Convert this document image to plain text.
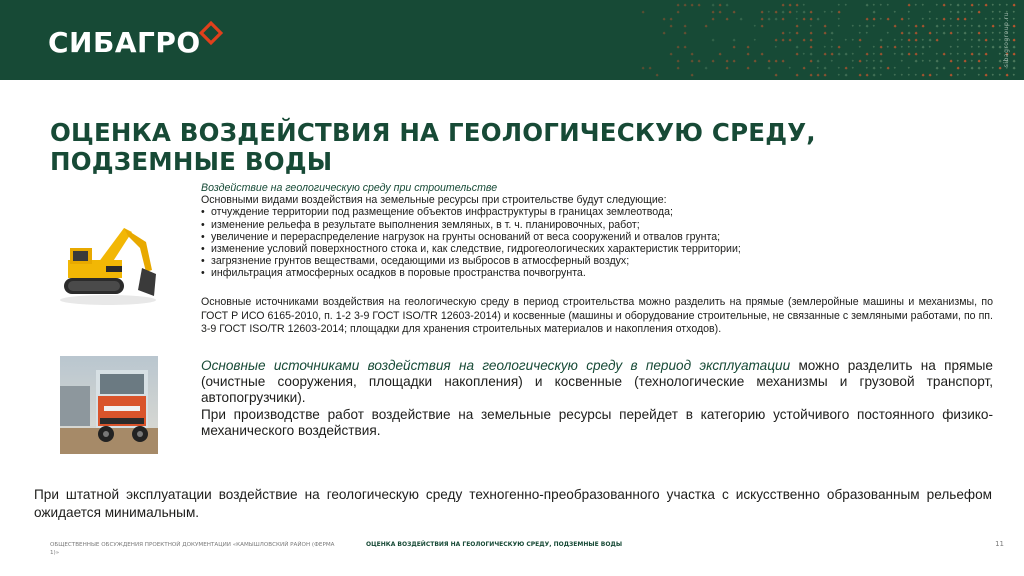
СИБАГРО	sibagrogroup.ru
ОЦЕНКА ВОЗДЕЙСТВИЯ НА ГЕОЛОГИЧЕСКУЮ СРЕДУ, ПОДЗЕМНЫЕ ВОДЫ
Воздействие на геологическую среду при строительстве
Основными видами воздействия на земельные ресурсы при строительстве будут следующие:
• отчуждение территории под размещение объектов инфраструктуры в границах землеотвода;
• изменение рельефа в результате выполнения земляных, в т. ч. планировочных, работ;
• увеличение и перераспределение нагрузок на грунты оснований от веса сооружений и отвалов грунта;
• изменение условий поверхностного стока и, как следствие, гидрогеологических характеристик территории;
• загрязнение грунтов веществами, оседающими из выбросов в атмосферный воздух;
• инфильтрация атмосферных осадков в поровые пространства почвогрунта.
Основные источниками воздействия на геологическую среду в период строительства можно разделить на прямые (землеройные машины и механизмы, по ГОСТ Р ИСО 6165-2010, п. 1-2 3-9 ГОСТ ISO/TR 12603-2014) и косвенные (машины и оборудование строительные, не связанные с земляными работами, по пп. 3-9 ГОСТ ISO/TR 12603-2014; площадки для хранения строительных материалов и накопления отходов).
Основные источниками воздействия на геологическую среду в период эксплуатации можно разделить на прямые (очистные сооружения, площадки накопления) и косвенные (технологические механизмы и грузовой транспорт, автопогрузчики).
При производстве работ воздействие на земельные ресурсы перейдет в категорию устойчивого постоянного физико-механического воздействия.
При штатной эксплуатации воздействие на геологическую среду техногенно-преобразованного участка с искусственно образованным рельефом ожидается минимальным.
ОБЩЕСТВЕННЫЕ ОБСУЖДЕНИЯ ПРОЕКТНОЙ ДОКУМЕНТАЦИИ «КАМЫШЛОВСКИЙ РАЙОН (ФЕРМА 1)»
ОЦЕНКА ВОЗДЕЙСТВИЯ НА ГЕОЛОГИЧЕСКУЮ СРЕДУ, ПОДЗЕМНЫЕ ВОДЫ	11
